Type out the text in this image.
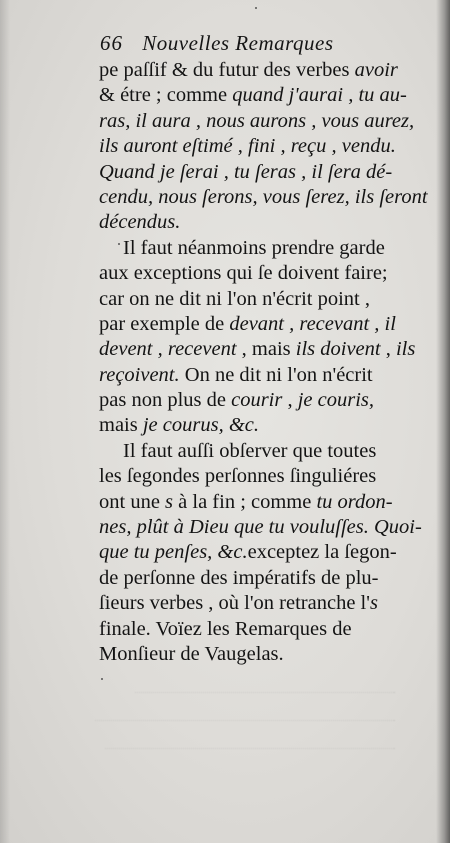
66 Nouvelles Remarques
pe paſſif & du futur des verbes avoir
& étre ; comme quand j'aurai , tu au-
ras, il aura , nous aurons , vous aurez,
ils auront eſtimé , fini , reçu , vendu.
Quand je ſerai , tu ſeras , il ſera dé-
cendu, nous ſerons, vous ſerez, ils ſeront
décendus.
Il faut néanmoins prendre garde
aux exceptions qui ſe doivent faire;
car on ne dit ni l'on n'écrit point ,
par exemple de devant , recevant , il
devent , recevent , mais ils doivent , ils
reçoivent. On ne dit ni l'on n'écrit
pas non plus de courir , je couris,
mais je courus, &c.
Il faut auſſi obſerver que toutes
les ſegondes perſonnes ſinguliéres
ont une s à la fin ; comme tu ordon-
nes, plût à Dieu que tu vouluſſes. Quoi-
que tu penſes, &c.exceptez la ſegon-
de perſonne des impératifs de plu-
ſieurs verbes , où l'on retranche l's
finale. Voïez les Remarques de
Monſieur de Vaugelas.
